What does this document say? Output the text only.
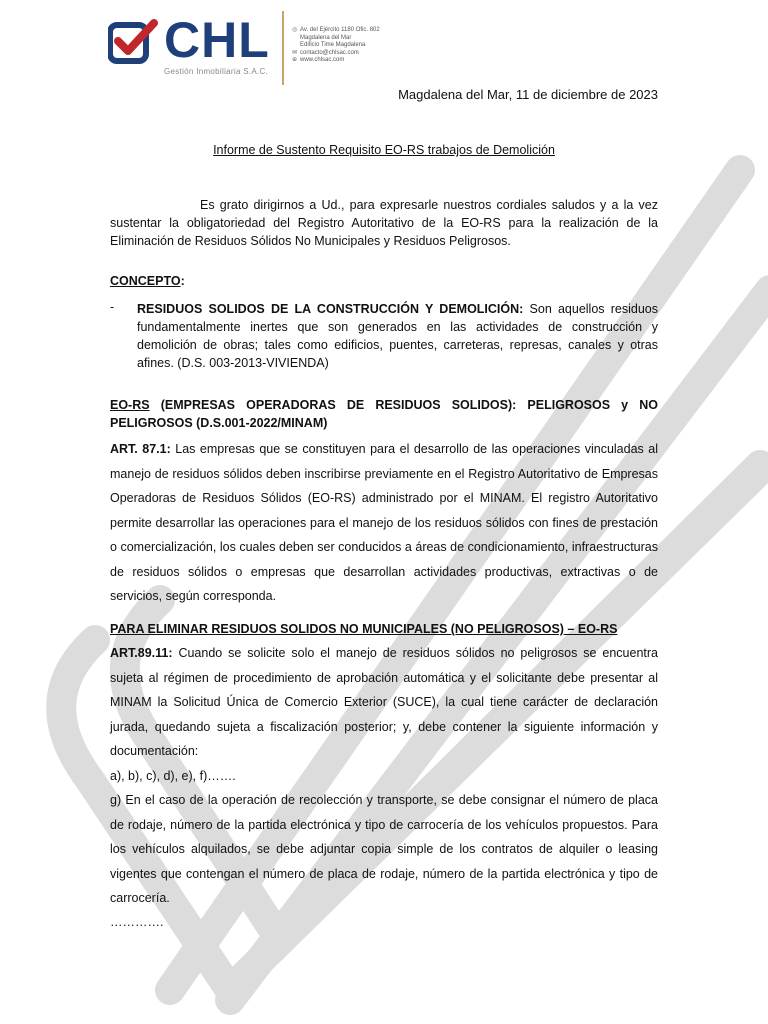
CHL
Gestión Inmobiliaria S.A.C.
◎ Av. del Ejército 1180 Ofic. 802
Magdalena del Mar
Edificio Time Magdalena
✉ contacto@chlsac.com
⊕ www.chlsac.com
Magdalena del Mar, 11 de diciembre de 2023
Informe de Sustento Requisito EO-RS trabajos de Demolición
Es grato dirigirnos a Ud., para expresarle nuestros cordiales saludos y a la vez sustentar la obligatoriedad del Registro Autoritativo de la EO-RS para la realización de la Eliminación de Residuos Sólidos No Municipales y Residuos Peligrosos.
CONCEPTO:
- RESIDUOS SOLIDOS DE LA CONSTRUCCIÓN Y DEMOLICIÓN: Son aquellos residuos fundamentalmente inertes que son generados en las actividades de construcción y demolición de obras; tales como edificios, puentes, carreteras, represas, canales y otras afines. (D.S. 003-2013-VIVIENDA)
EO-RS (EMPRESAS OPERADORAS DE RESIDUOS SOLIDOS): PELIGROSOS y NO PELIGROSOS (D.S.001-2022/MINAM)
ART. 87.1: Las empresas que se constituyen para el desarrollo de las operaciones vinculadas al manejo de residuos sólidos deben inscribirse previamente en el Registro Autoritativo de Empresas Operadoras de Residuos Sólidos (EO-RS) administrado por el MINAM. El registro Autoritativo permite desarrollar las operaciones para el manejo de los residuos sólidos con fines de prestación o comercialización, los cuales deben ser conducidos a áreas de condicionamiento, infraestructuras de residuos sólidos o empresas que desarrollan actividades productivas, extractivas o de servicios, según corresponda.
PARA ELIMINAR RESIDUOS SOLIDOS NO MUNICIPALES (NO PELIGROSOS) – EO-RS
ART.89.11: Cuando se solicite solo el manejo de residuos sólidos no peligrosos se encuentra sujeta al régimen de procedimiento de aprobación automática y el solicitante debe presentar al MINAM la Solicitud Única de Comercio Exterior (SUCE), la cual tiene carácter de declaración jurada, quedando sujeta a fiscalización posterior; y, debe contener la siguiente información y documentación:
a), b), c), d), e), f)…….
g) En el caso de la operación de recolección y transporte, se debe consignar el número de placa de rodaje, número de la partida electrónica y tipo de carrocería de los vehículos propuestos. Para los vehículos alquilados, se debe adjuntar copia simple de los contratos de alquiler o leasing vigentes que contengan el número de placa de rodaje, número de la partida electrónica y tipo de carrocería.
………….
